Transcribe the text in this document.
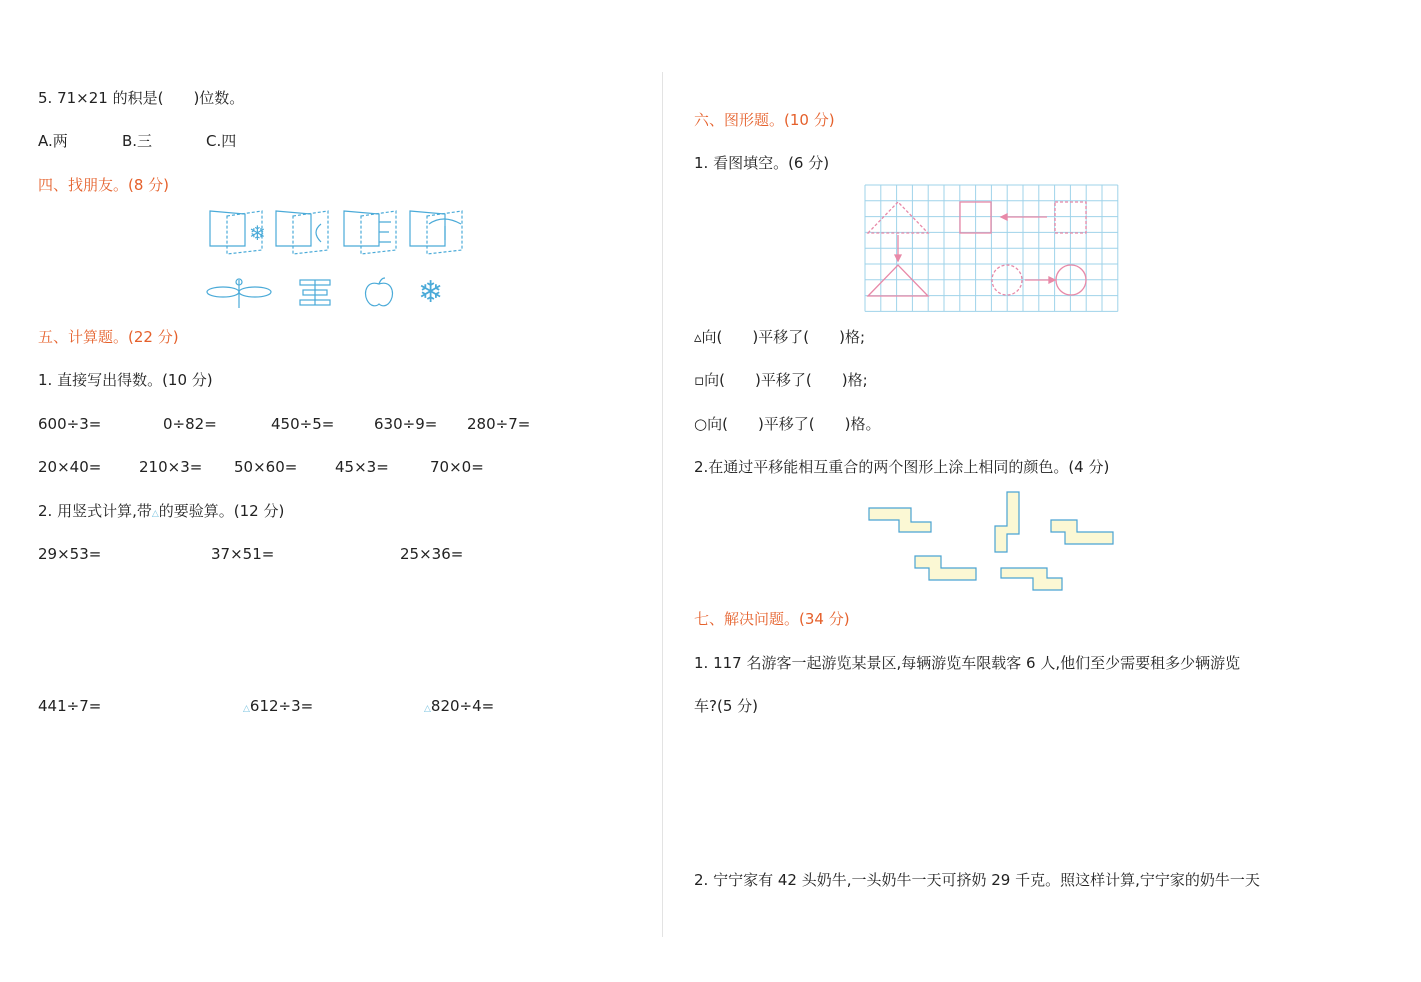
5. 71×21 的积是(　　)位数。
A.两	B.三	C.四
四、找朋友。(8 分)
❄
❄
五、计算题。(22 分)
1. 直接写出得数。(10 分)
600÷3=	0÷82=	450÷5=	630÷9= 280÷7=
20×40=	210×3= 50×60=	45×3=	70×0=
2. 用竖式计算,带△的要验算。(12 分)
29×53=	37×51=	25×36=
441÷7=	△612÷3=	△820÷4=
六、图形题。(10 分)
1. 看图填空。(6 分)
▵向(　　)平移了(　　)格;
▫向(　　)平移了(　　)格;
○向(　　)平移了(　　)格。
2.在通过平移能相互重合的两个图形上涂上相同的颜色。(4 分)
七、解决问题。(34 分)
1. 117 名游客一起游览某景区,每辆游览车限载客 6 人,他们至少需要租多少辆游览
车?(5 分)
2. 宁宁家有 42 头奶牛,一头奶牛一天可挤奶 29 千克。照这样计算,宁宁家的奶牛一天
